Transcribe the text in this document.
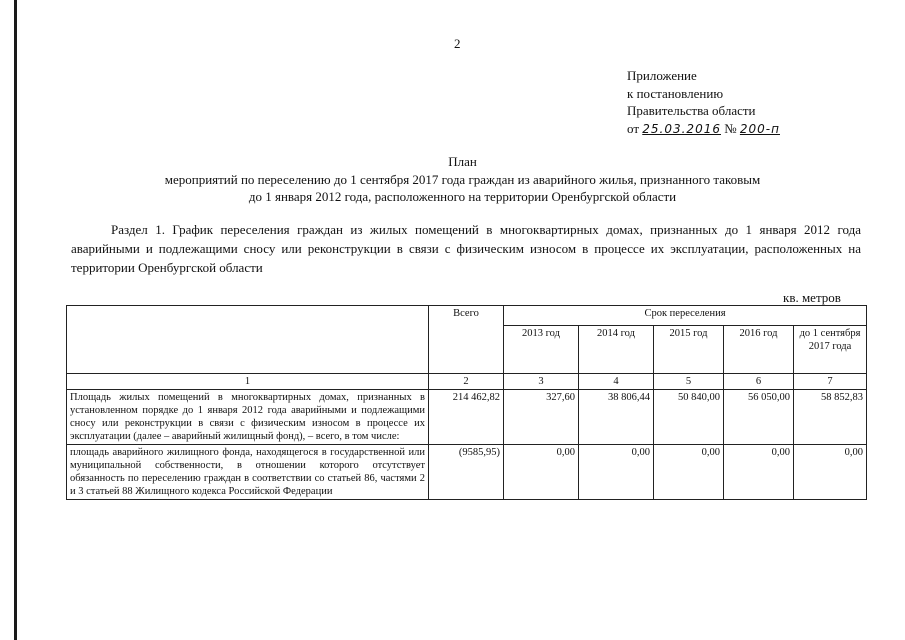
2
Приложение
к постановлению
Правительства области
от 25.03.2016 № 200-п
План
мероприятий по переселению до 1 сентября 2017 года граждан из аварийного жилья, признанного таковым
до 1 января 2012 года, расположенного на территории Оренбургской области
Раздел 1. График переселения граждан из жилых помещений в многоквартирных домах, признанных до 1 января 2012 года аварийными и подлежащими сносу или реконструкции в связи с физическим износом в процессе их эксплуатации, расположенных на территории Оренбургской области
кв. метров
	Всего	Срок переселения				
		2013 год	2014 год	2015 год	2016 год	до 1 сентября 2017 года
1	2	3	4	5	6	7
Площадь жилых помещений в многоквартирных домах, признанных в установленном порядке до 1 января 2012 года аварийными и подлежащими сносу или реконструкции в связи с физическим износом в процессе их эксплуатации (далее – аварийный жилищный фонд), – всего, в том числе:	214 462,82	327,60	38 806,44	50 840,00	56 050,00	58 852,83
площадь аварийного жилищного фонда, находящегося в государственной или муниципальной собственности, в отношении которого отсутствует обязанность по переселению граждан в соответствии со статьей 86, частями 2 и 3 статьей 88 Жилищного кодекса Российской Федерации	(9585,95)	0,00	0,00	0,00	0,00	0,00
